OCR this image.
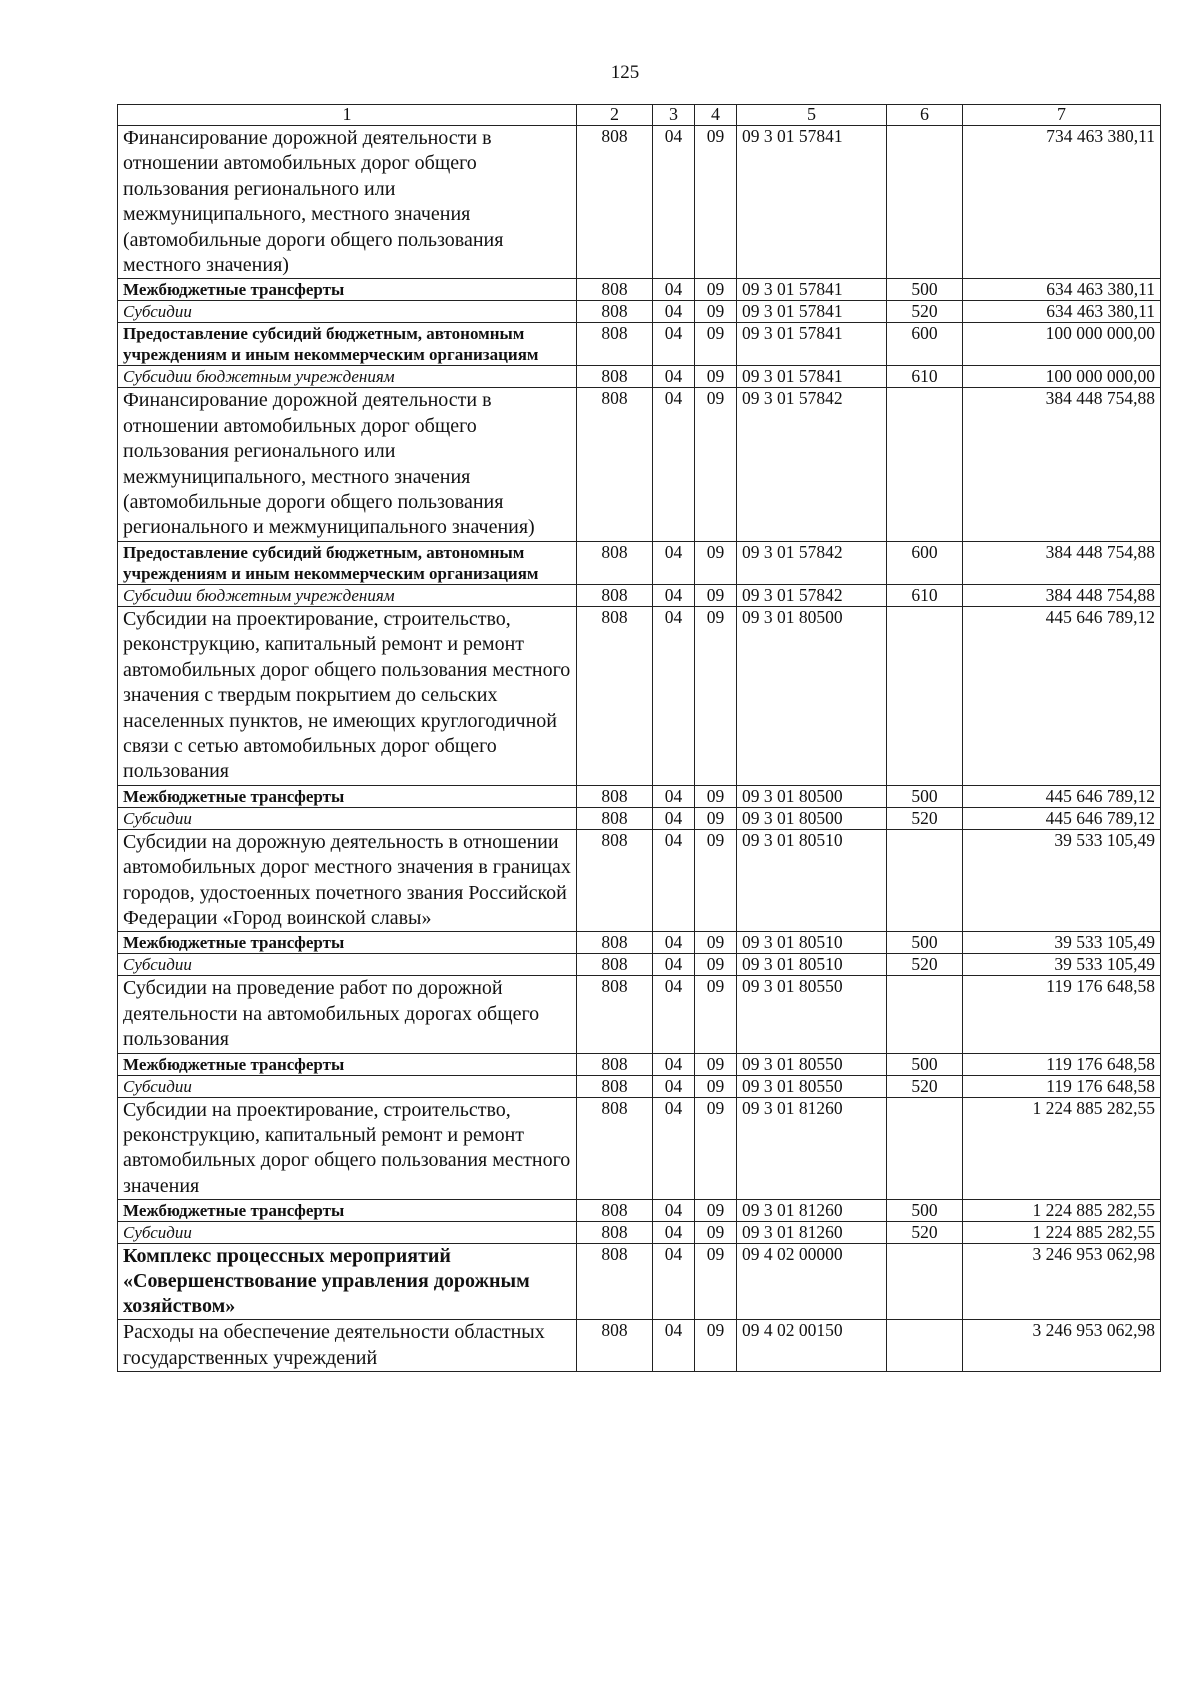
125
1	2	3	4	5	6	7
Финансирование дорожной деятельности в отношении автомобильных дорог общего пользования регионального или межмуниципального, местного значения (автомобильные дороги общего пользования местного значения)	808	04	09	09 3 01 57841		734 463 380,11
Межбюджетные трансферты	808	04	09	09 3 01 57841	500	634 463 380,11
Субсидии	808	04	09	09 3 01 57841	520	634 463 380,11
Предоставление субсидий бюджетным, автономным учреждениям и иным некоммерческим организациям	808	04	09	09 3 01 57841	600	100 000 000,00
Субсидии бюджетным учреждениям	808	04	09	09 3 01 57841	610	100 000 000,00
Финансирование дорожной деятельности в отношении автомобильных дорог общего пользования регионального или межмуниципального, местного значения (автомобильные дороги общего пользования регионального и межмуниципального значения)	808	04	09	09 3 01 57842		384 448 754,88
Предоставление субсидий бюджетным, автономным учреждениям и иным некоммерческим организациям	808	04	09	09 3 01 57842	600	384 448 754,88
Субсидии бюджетным учреждениям	808	04	09	09 3 01 57842	610	384 448 754,88
Субсидии на проектирование, строительство, реконструкцию, капитальный ремонт и ремонт автомобильных дорог общего пользования местного значения с твердым покрытием до сельских населенных пунктов, не имеющих круглогодичной связи с сетью автомобильных дорог общего пользования	808	04	09	09 3 01 80500		445 646 789,12
Межбюджетные трансферты	808	04	09	09 3 01 80500	500	445 646 789,12
Субсидии	808	04	09	09 3 01 80500	520	445 646 789,12
Субсидии на дорожную деятельность в отношении автомобильных дорог местного значения в границах городов, удостоенных почетного звания Российской Федерации «Город воинской славы»	808	04	09	09 3 01 80510		39 533 105,49
Межбюджетные трансферты	808	04	09	09 3 01 80510	500	39 533 105,49
Субсидии	808	04	09	09 3 01 80510	520	39 533 105,49
Субсидии на проведение работ по дорожной деятельности на автомобильных дорогах общего пользования	808	04	09	09 3 01 80550		119 176 648,58
Межбюджетные трансферты	808	04	09	09 3 01 80550	500	119 176 648,58
Субсидии	808	04	09	09 3 01 80550	520	119 176 648,58
Субсидии на проектирование, строительство, реконструкцию, капитальный ремонт и ремонт автомобильных дорог общего пользования местного значения	808	04	09	09 3 01 81260		1 224 885 282,55
Межбюджетные трансферты	808	04	09	09 3 01 81260	500	1 224 885 282,55
Субсидии	808	04	09	09 3 01 81260	520	1 224 885 282,55
Комплекс процессных мероприятий «Совершенствование управления дорожным хозяйством»	808	04	09	09 4 02 00000		3 246 953 062,98
Расходы на обеспечение деятельности областных государственных учреждений	808	04	09	09 4 02 00150		3 246 953 062,98
